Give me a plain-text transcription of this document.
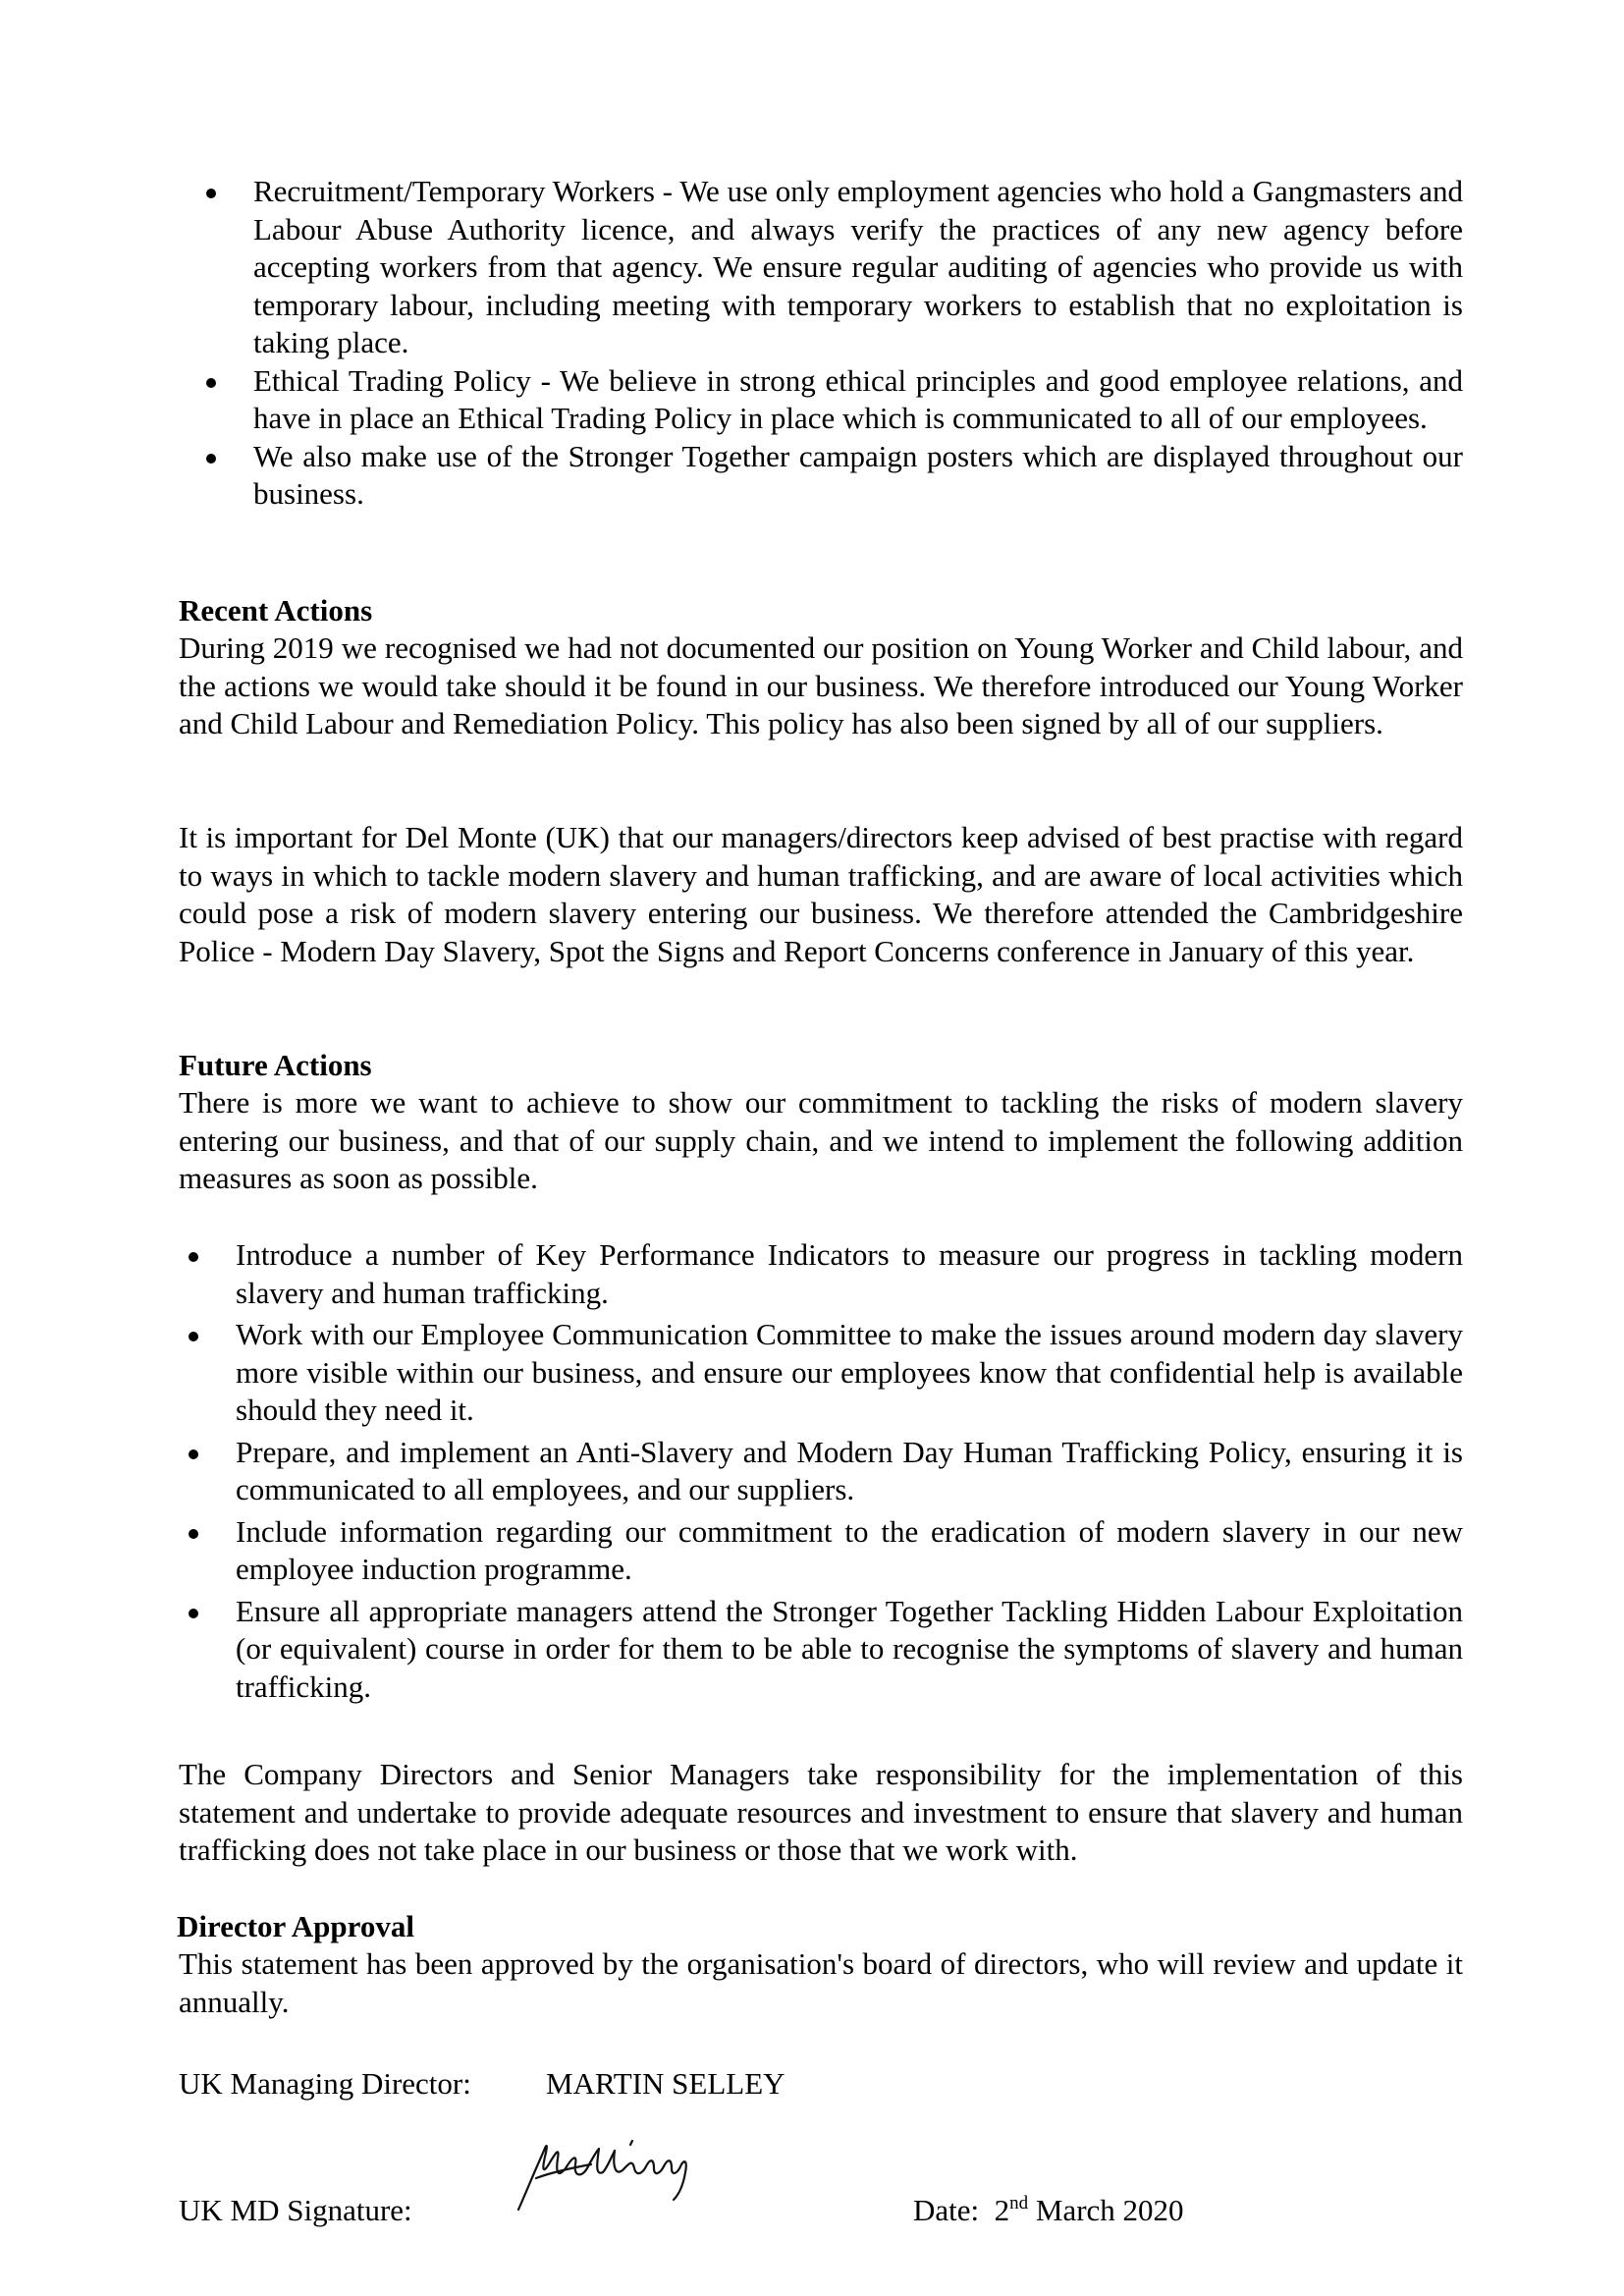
Recruitment/Temporary Workers - We use only employment agencies who hold a Gangmasters and Labour Abuse Authority licence, and always verify the practices of any new agency before accepting workers from that agency. We ensure regular auditing of agencies who provide us with temporary labour, including meeting with temporary workers to establish that no exploitation is taking place.
Ethical Trading Policy - We believe in strong ethical principles and good employee relations, and have in place an Ethical Trading Policy in place which is communicated to all of our employees.
We also make use of the Stronger Together campaign posters which are displayed throughout our business.
Recent Actions

During 2019 we recognised we had not documented our position on Young Worker and Child labour, and the actions we would take should it be found in our business. We therefore introduced our Young Worker and Child Labour and Remediation Policy. This policy has also been signed by all of our suppliers.

It is important for Del Monte (UK) that our managers/directors keep advised of best practise with regard to ways in which to tackle modern slavery and human trafficking, and are aware of local activities which could pose a risk of modern slavery entering our business. We therefore attended the Cambridgeshire Police - Modern Day Slavery, Spot the Signs and Report Concerns conference in January of this year.

Future Actions

There is more we want to achieve to show our commitment to tackling the risks of modern slavery entering our business, and that of our supply chain, and we intend to implement the following addition measures as soon as possible.

Introduce a number of Key Performance Indicators to measure our progress in tackling modern slavery and human trafficking.
Work with our Employee Communication Committee to make the issues around modern day slavery more visible within our business, and ensure our employees know that confidential help is available should they need it.
Prepare, and implement an Anti-Slavery and Modern Day Human Trafficking Policy, ensuring it is communicated to all employees, and our suppliers.
Include information regarding our commitment to the eradication of modern slavery in our new employee induction programme.
Ensure all appropriate managers attend the Stronger Together Tackling Hidden Labour Exploitation (or equivalent) course in order for them to be able to recognise the symptoms of slavery and human trafficking.

The Company Directors and Senior Managers take responsibility for the implementation of this statement and undertake to provide adequate resources and investment to ensure that slavery and human trafficking does not take place in our business or those that we work with.

Director Approval

This statement has been approved by the organisation's board of directors, who will review and update it annually.

UK Managing Director: MARTIN SELLEY
UK MD Signature:	Date: 2nd March 2020
